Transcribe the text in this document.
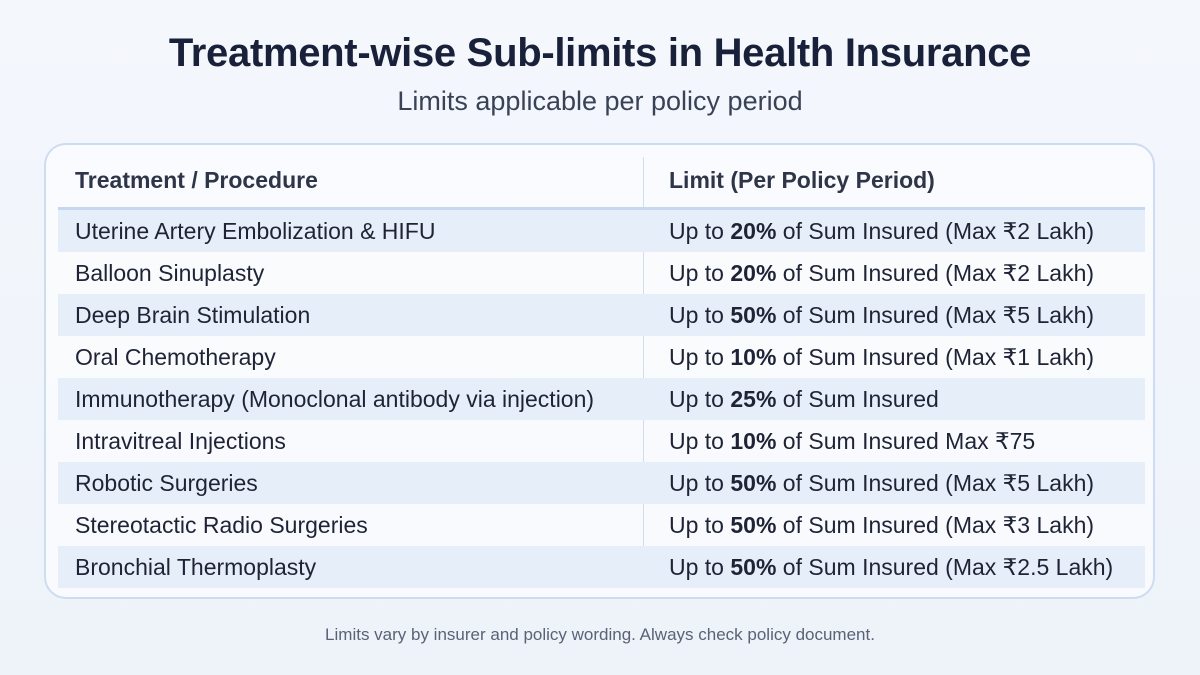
Treatment-wise Sub-limits in Health Insurance
Limits applicable per policy period
Treatment / Procedure	Limit (Per Policy Period)
Uterine Artery Embolization & HIFU	Up to 20% of Sum Insured (Max ₹2 Lakh)
Balloon Sinuplasty	Up to 20% of Sum Insured (Max ₹2 Lakh)
Deep Brain Stimulation	Up to 50% of Sum Insured (Max ₹5 Lakh)
Oral Chemotherapy	Up to 10% of Sum Insured (Max ₹1 Lakh)
Immunotherapy (Monoclonal antibody via injection)	Up to 25% of Sum Insured
Intravitreal Injections	Up to 10% of Sum Insured Max ₹75
Robotic Surgeries	Up to 50% of Sum Insured (Max ₹5 Lakh)
Stereotactic Radio Surgeries	Up to 50% of Sum Insured (Max ₹3 Lakh)
Bronchial Thermoplasty	Up to 50% of Sum Insured (Max ₹2.5 Lakh)
Limits vary by insurer and policy wording. Always check policy document.
